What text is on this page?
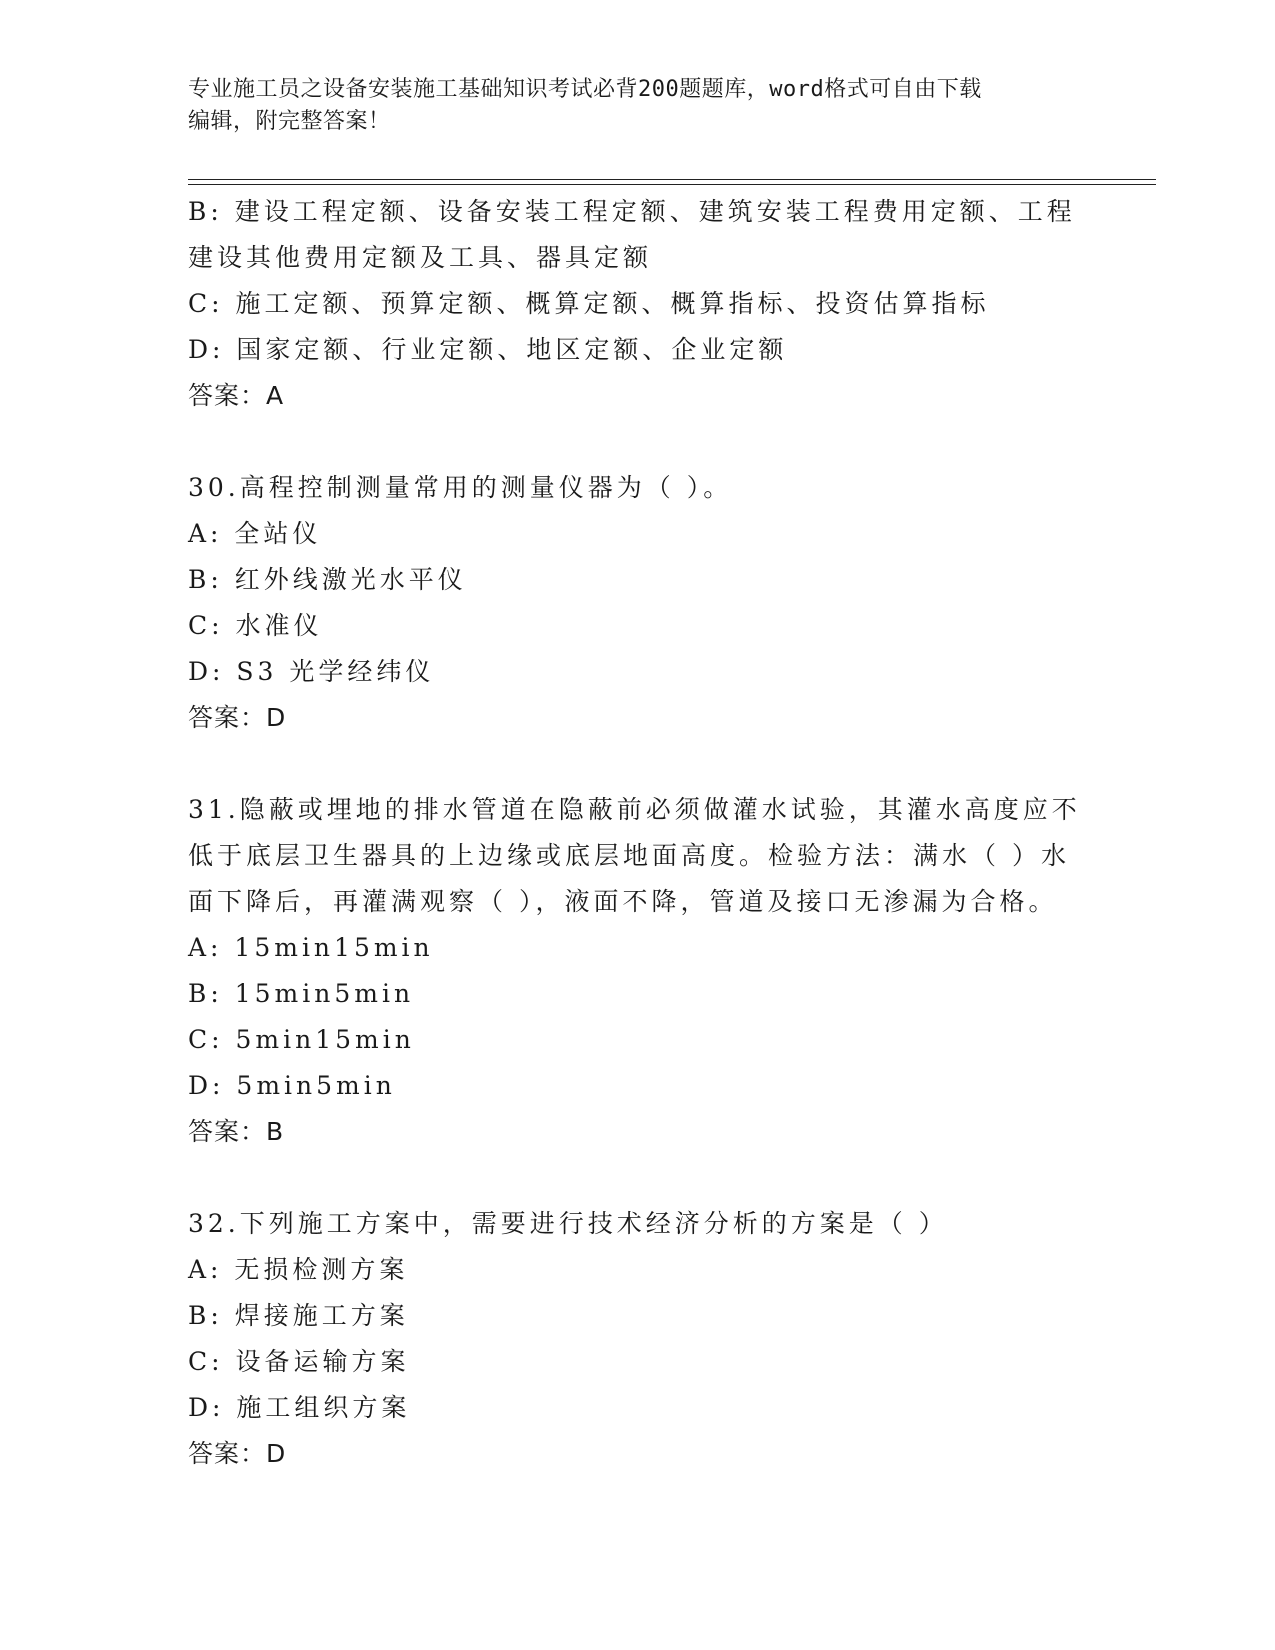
专业施工员之设备安装施工基础知识考试必背200题题库，word格式可自由下载
编辑，附完整答案！
B: 建设工程定额、设备安装工程定额、建筑安装工程费用定额、工程
建设其他费用定额及工具、器具定额
C: 施工定额、预算定额、概算定额、概算指标、投资估算指标
D: 国家定额、行业定额、地区定额、企业定额
答案：A
30.高程控制测量常用的测量仪器为（ ）。
A: 全站仪
B: 红外线激光水平仪
C: 水准仪
D: S3 光学经纬仪
答案：D
31.隐蔽或埋地的排水管道在隐蔽前必须做灌水试验，其灌水高度应不
低于底层卫生器具的上边缘或底层地面高度。检验方法：满水（ ）水
面下降后，再灌满观察（ ），液面不降，管道及接口无渗漏为合格。
A: 15min15min
B: 15min5min
C: 5min15min
D: 5min5min
答案：B
32.下列施工方案中，需要进行技术经济分析的方案是（ ）
A: 无损检测方案
B: 焊接施工方案
C: 设备运输方案
D: 施工组织方案
答案：D
